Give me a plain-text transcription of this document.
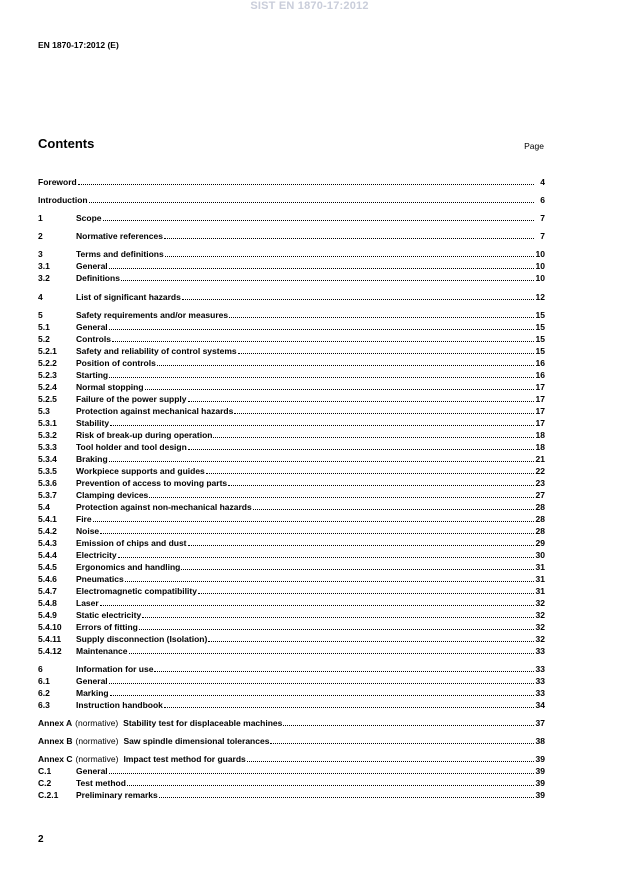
SIST EN 1870-17:2012
EN 1870-17:2012 (E)
Contents	Page
Foreword	4
Introduction	6
1	Scope	7
2	Normative references	7
3	Terms and definitions	10
3.1	General	10
3.2	Definitions	10
4	List of significant hazards	12
5	Safety requirements and/or measures	15
5.1	General	15
5.2	Controls	15
5.2.1	Safety and reliability of control systems	15
5.2.2	Position of controls	16
5.2.3	Starting	16
5.2.4	Normal stopping	17
5.2.5	Failure of the power supply	17
5.3	Protection against mechanical hazards	17
5.3.1	Stability	17
5.3.2	Risk of break-up during operation	18
5.3.3	Tool holder and tool design	18
5.3.4	Braking	21
5.3.5	Workpiece supports and guides	22
5.3.6	Prevention of access to moving parts	23
5.3.7	Clamping devices	27
5.4	Protection against non-mechanical hazards	28
5.4.1	Fire	28
5.4.2	Noise	28
5.4.3	Emission of chips and dust	29
5.4.4	Electricity	30
5.4.5	Ergonomics and handling	31
5.4.6	Pneumatics	31
5.4.7	Electromagnetic compatibility	31
5.4.8	Laser	32
5.4.9	Static electricity	32
5.4.10	Errors of fitting	32
5.4.11	Supply disconnection (Isolation)	32
5.4.12	Maintenance	33
6	Information for use	33
6.1	General	33
6.2	Marking	33
6.3	Instruction handbook	34
Annex A (normative) Stability test for displaceable machines	37
Annex B (normative) Saw spindle dimensional tolerances	38
Annex C (normative) Impact test method for guards	39
C.1	General	39
C.2	Test method	39
C.2.1	Preliminary remarks	39
2
